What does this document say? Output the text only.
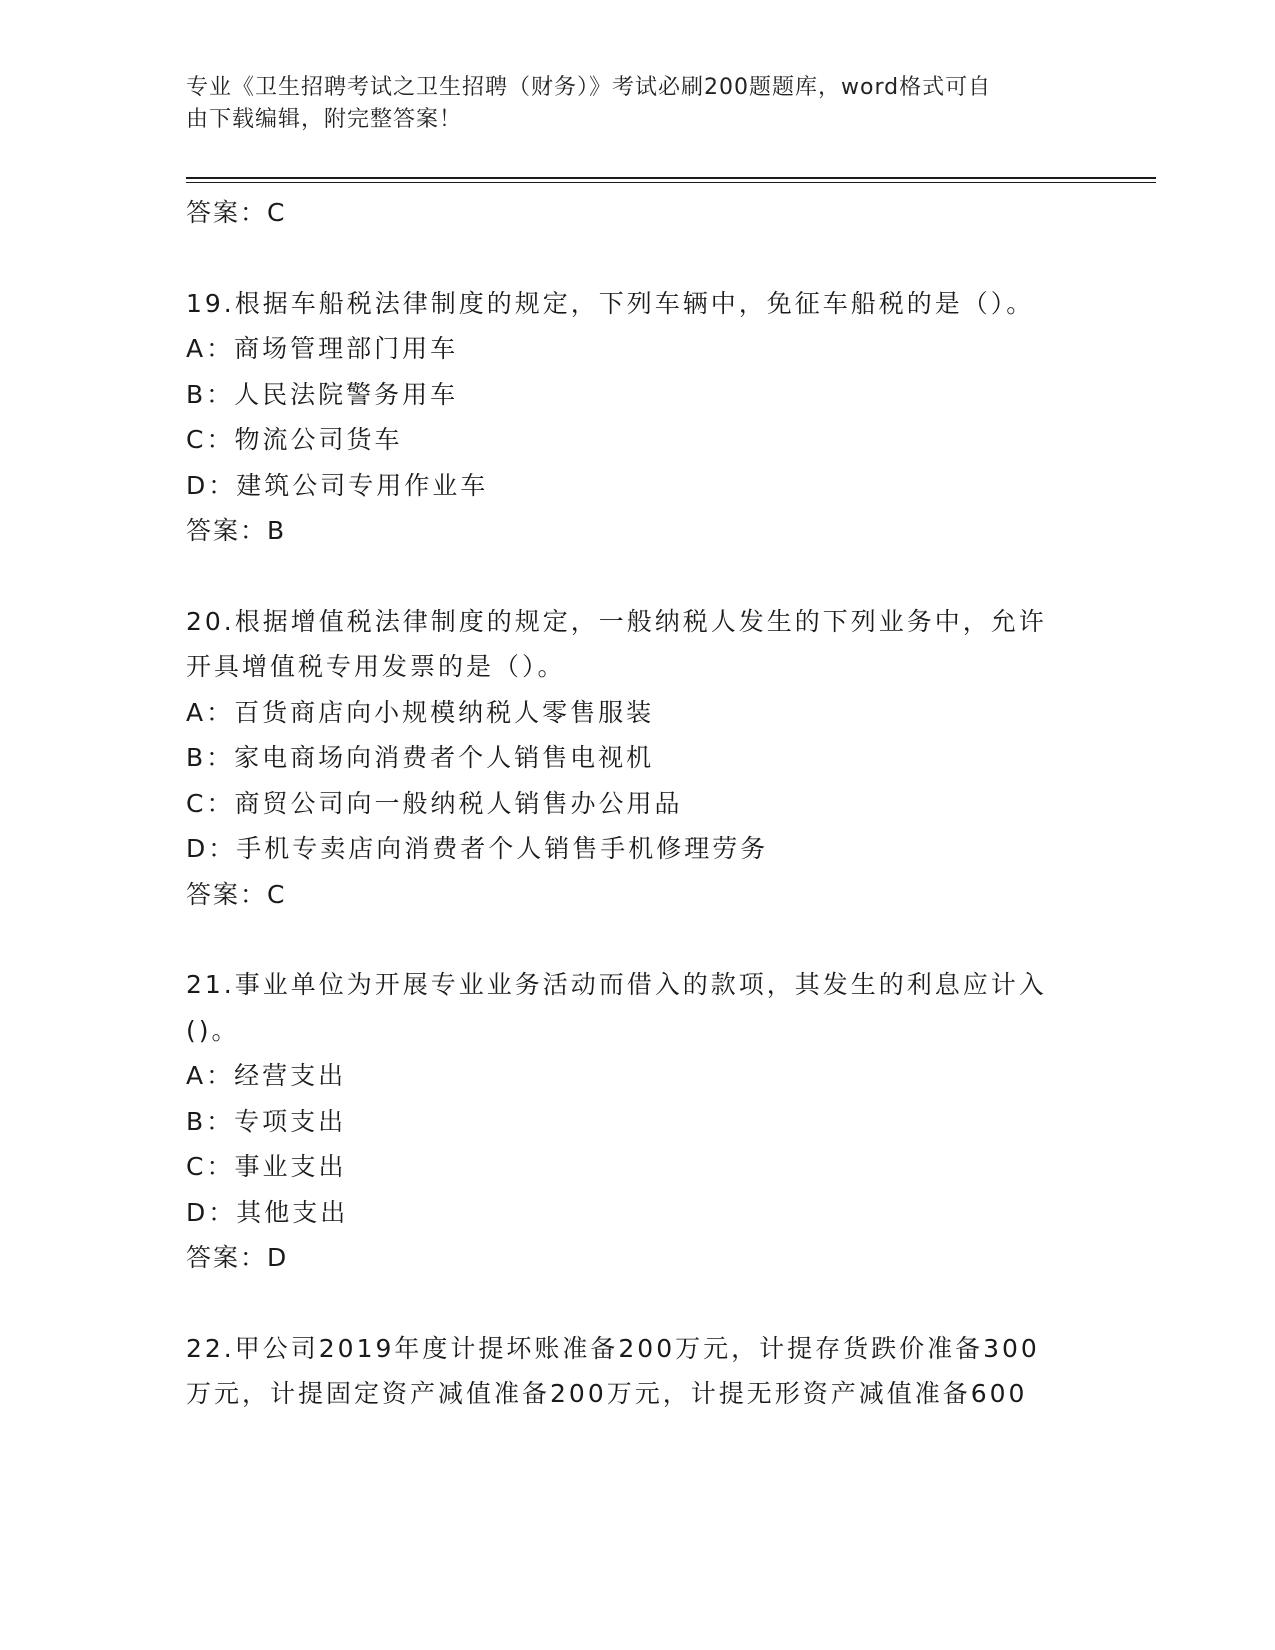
专业《卫生招聘考试之卫生招聘（财务）》考试必刷200题题库，word格式可自
由下载编辑，附完整答案！
答案：C
19.根据车船税法律制度的规定，下列车辆中，免征车船税的是（）。
A：商场管理部门用车
B：人民法院警务用车
C：物流公司货车
D：建筑公司专用作业车
答案：B
20.根据增值税法律制度的规定，一般纳税人发生的下列业务中，允许
开具增值税专用发票的是（）。
A：百货商店向小规模纳税人零售服装
B：家电商场向消费者个人销售电视机
C：商贸公司向一般纳税人销售办公用品
D：手机专卖店向消费者个人销售手机修理劳务
答案：C
21.事业单位为开展专业业务活动而借入的款项，其发生的利息应计入
()。
A：经营支出
B：专项支出
C：事业支出
D：其他支出
答案：D
22.甲公司2019年度计提坏账准备200万元，计提存货跌价准备300
万元，计提固定资产减值准备200万元，计提无形资产减值准备600
